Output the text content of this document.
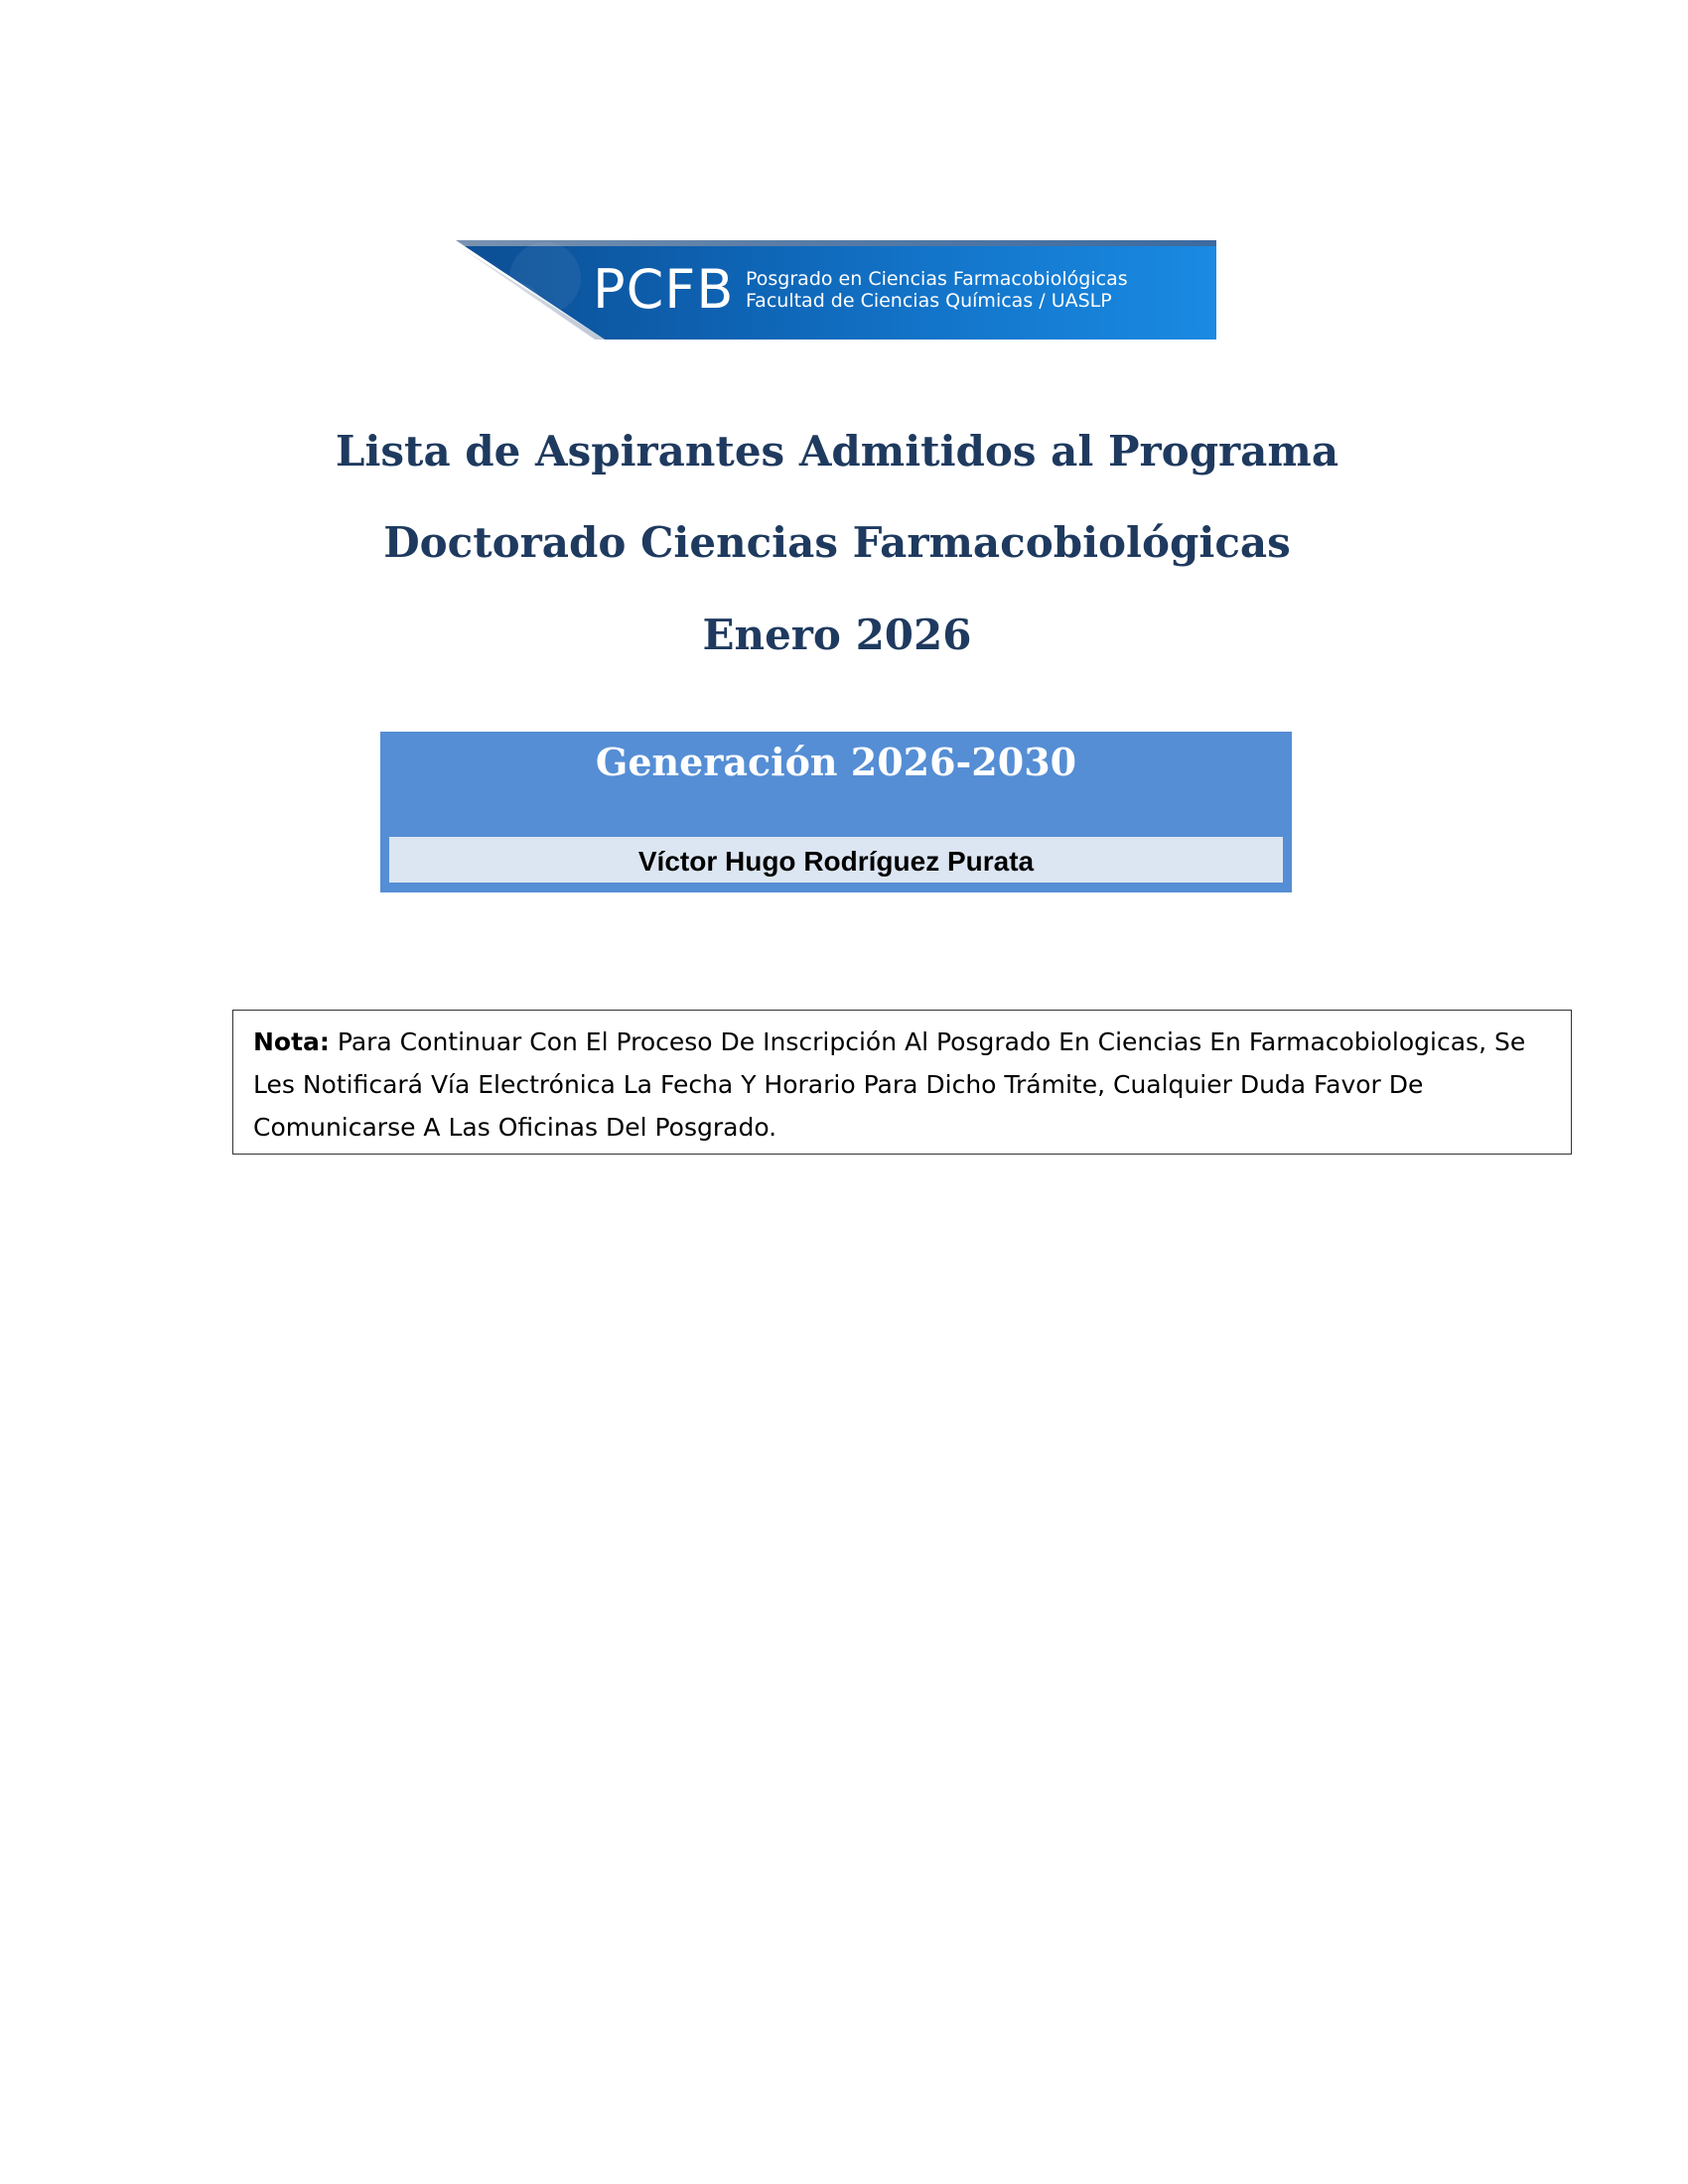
PCFB Posgrado en Ciencias Farmacobiológicas
Facultad de Ciencias Químicas / UASLP
Lista de Aspirantes Admitidos al Programa
Doctorado Ciencias Farmacobiológicas
Enero 2026
Generación 2026-2030
Víctor Hugo Rodríguez Purata
Nota: Para Continuar Con El Proceso De Inscripción Al Posgrado En Ciencias En Farmacobiologicas, Se Les Notificará Vía Electrónica La Fecha Y Horario Para Dicho Trámite, Cualquier Duda Favor De Comunicarse A Las Oficinas Del Posgrado.
